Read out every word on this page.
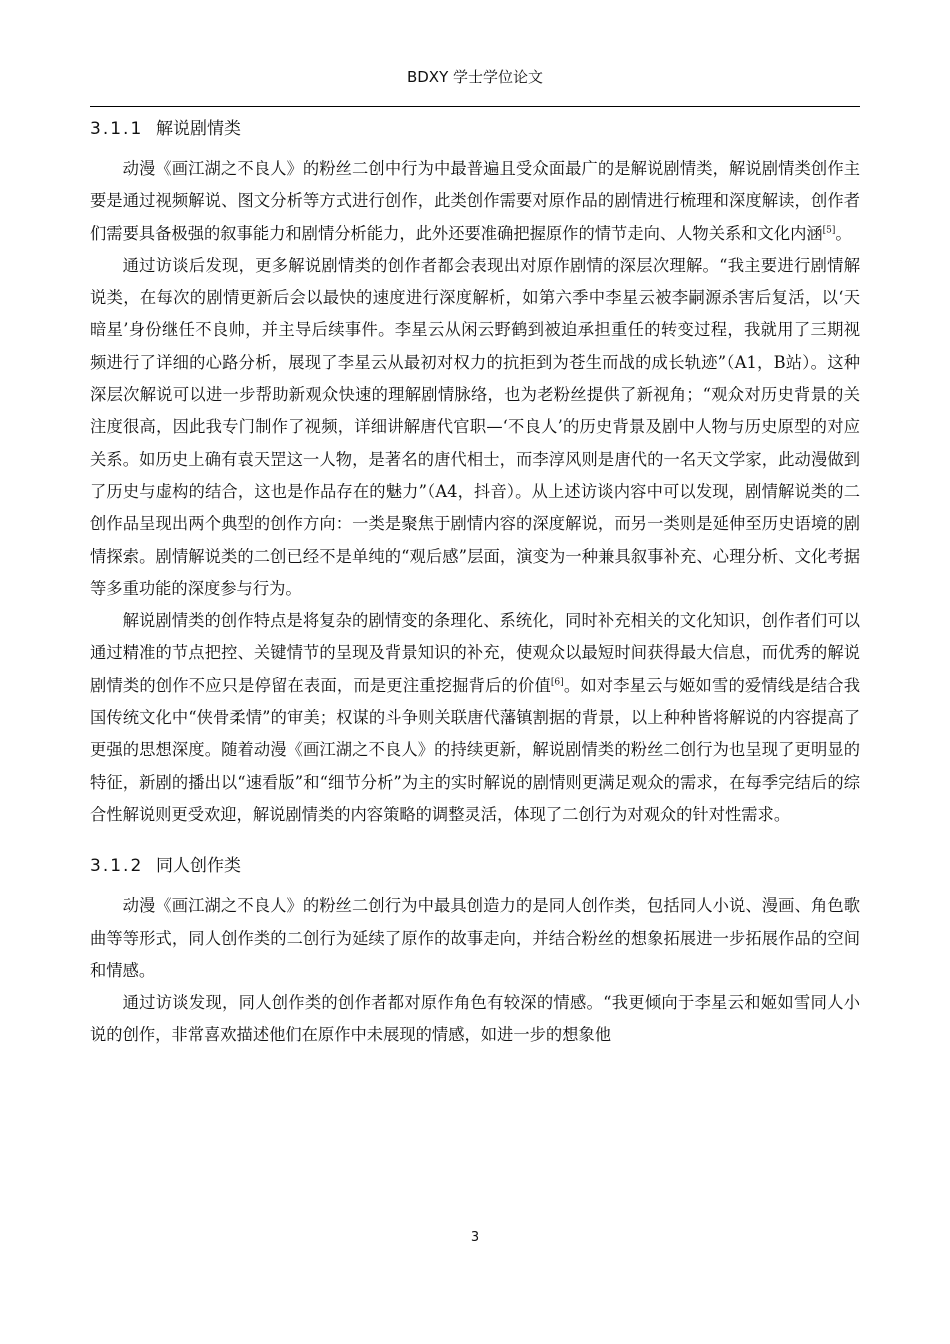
BDXY 学士学位论文
3.1.1 解说剧情类

动漫《画江湖之不良人》的粉丝二创中行为中最普遍且受众面最广的是解说剧情类，解说剧情类创作主要是通过视频解说、图文分析等方式进行创作，此类创作需要对原作品的剧情进行梳理和深度解读，创作者们需要具备极强的叙事能力和剧情分析能力，此外还要准确把握原作的情节走向、人物关系和文化内涵[5]。

通过访谈后发现，更多解说剧情类的创作者都会表现出对原作剧情的深层次理解。“我主要进行剧情解说类，在每次的剧情更新后会以最快的速度进行深度解析，如第六季中李星云被李嗣源杀害后复活，以‘天暗星’身份继任不良帅，并主导后续事件。李星云从闲云野鹤到被迫承担重任的转变过程，我就用了三期视频进行了详细的心路分析，展现了李星云从最初对权力的抗拒到为苍生而战的成长轨迹”（A1，B站）。这种深层次解说可以进一步帮助新观众快速的理解剧情脉络，也为老粉丝提供了新视角；“观众对历史背景的关注度很高，因此我专门制作了视频，详细讲解唐代官职—‘不良人’的历史背景及剧中人物与历史原型的对应关系。如历史上确有袁天罡这一人物，是著名的唐代相士，而李淳风则是唐代的一名天文学家，此动漫做到了历史与虚构的结合，这也是作品存在的魅力”（A4，抖音）。从上述访谈内容中可以发现，剧情解说类的二创作品呈现出两个典型的创作方向：一类是聚焦于剧情内容的深度解说，而另一类则是延伸至历史语境的剧情探索。剧情解说类的二创已经不是单纯的“观后感”层面，演变为一种兼具叙事补充、心理分析、文化考据等多重功能的深度参与行为。

解说剧情类的创作特点是将复杂的剧情变的条理化、系统化，同时补充相关的文化知识，创作者们可以通过精准的节点把控、关键情节的呈现及背景知识的补充，使观众以最短时间获得最大信息，而优秀的解说剧情类的创作不应只是停留在表面，而是更注重挖掘背后的价值[6]。如对李星云与姬如雪的爱情线是结合我国传统文化中“侠骨柔情”的审美；权谋的斗争则关联唐代藩镇割据的背景，以上种种皆将解说的内容提高了更强的思想深度。随着动漫《画江湖之不良人》的持续更新，解说剧情类的粉丝二创行为也呈现了更明显的特征，新剧的播出以“速看版”和“细节分析”为主的实时解说的剧情则更满足观众的需求，在每季完结后的综合性解说则更受欢迎，解说剧情类的内容策略的调整灵活，体现了二创行为对观众的针对性需求。

3.1.2 同人创作类

动漫《画江湖之不良人》的粉丝二创行为中最具创造力的是同人创作类，包括同人小说、漫画、角色歌曲等等形式，同人创作类的二创行为延续了原作的故事走向，并结合粉丝的想象拓展进一步拓展作品的空间和情感。

通过访谈发现，同人创作类的创作者都对原作角色有较深的情感。“我更倾向于李星云和姬如雪同人小说的创作，非常喜欢描述他们在原作中未展现的情感，如进一步的想象他

3
